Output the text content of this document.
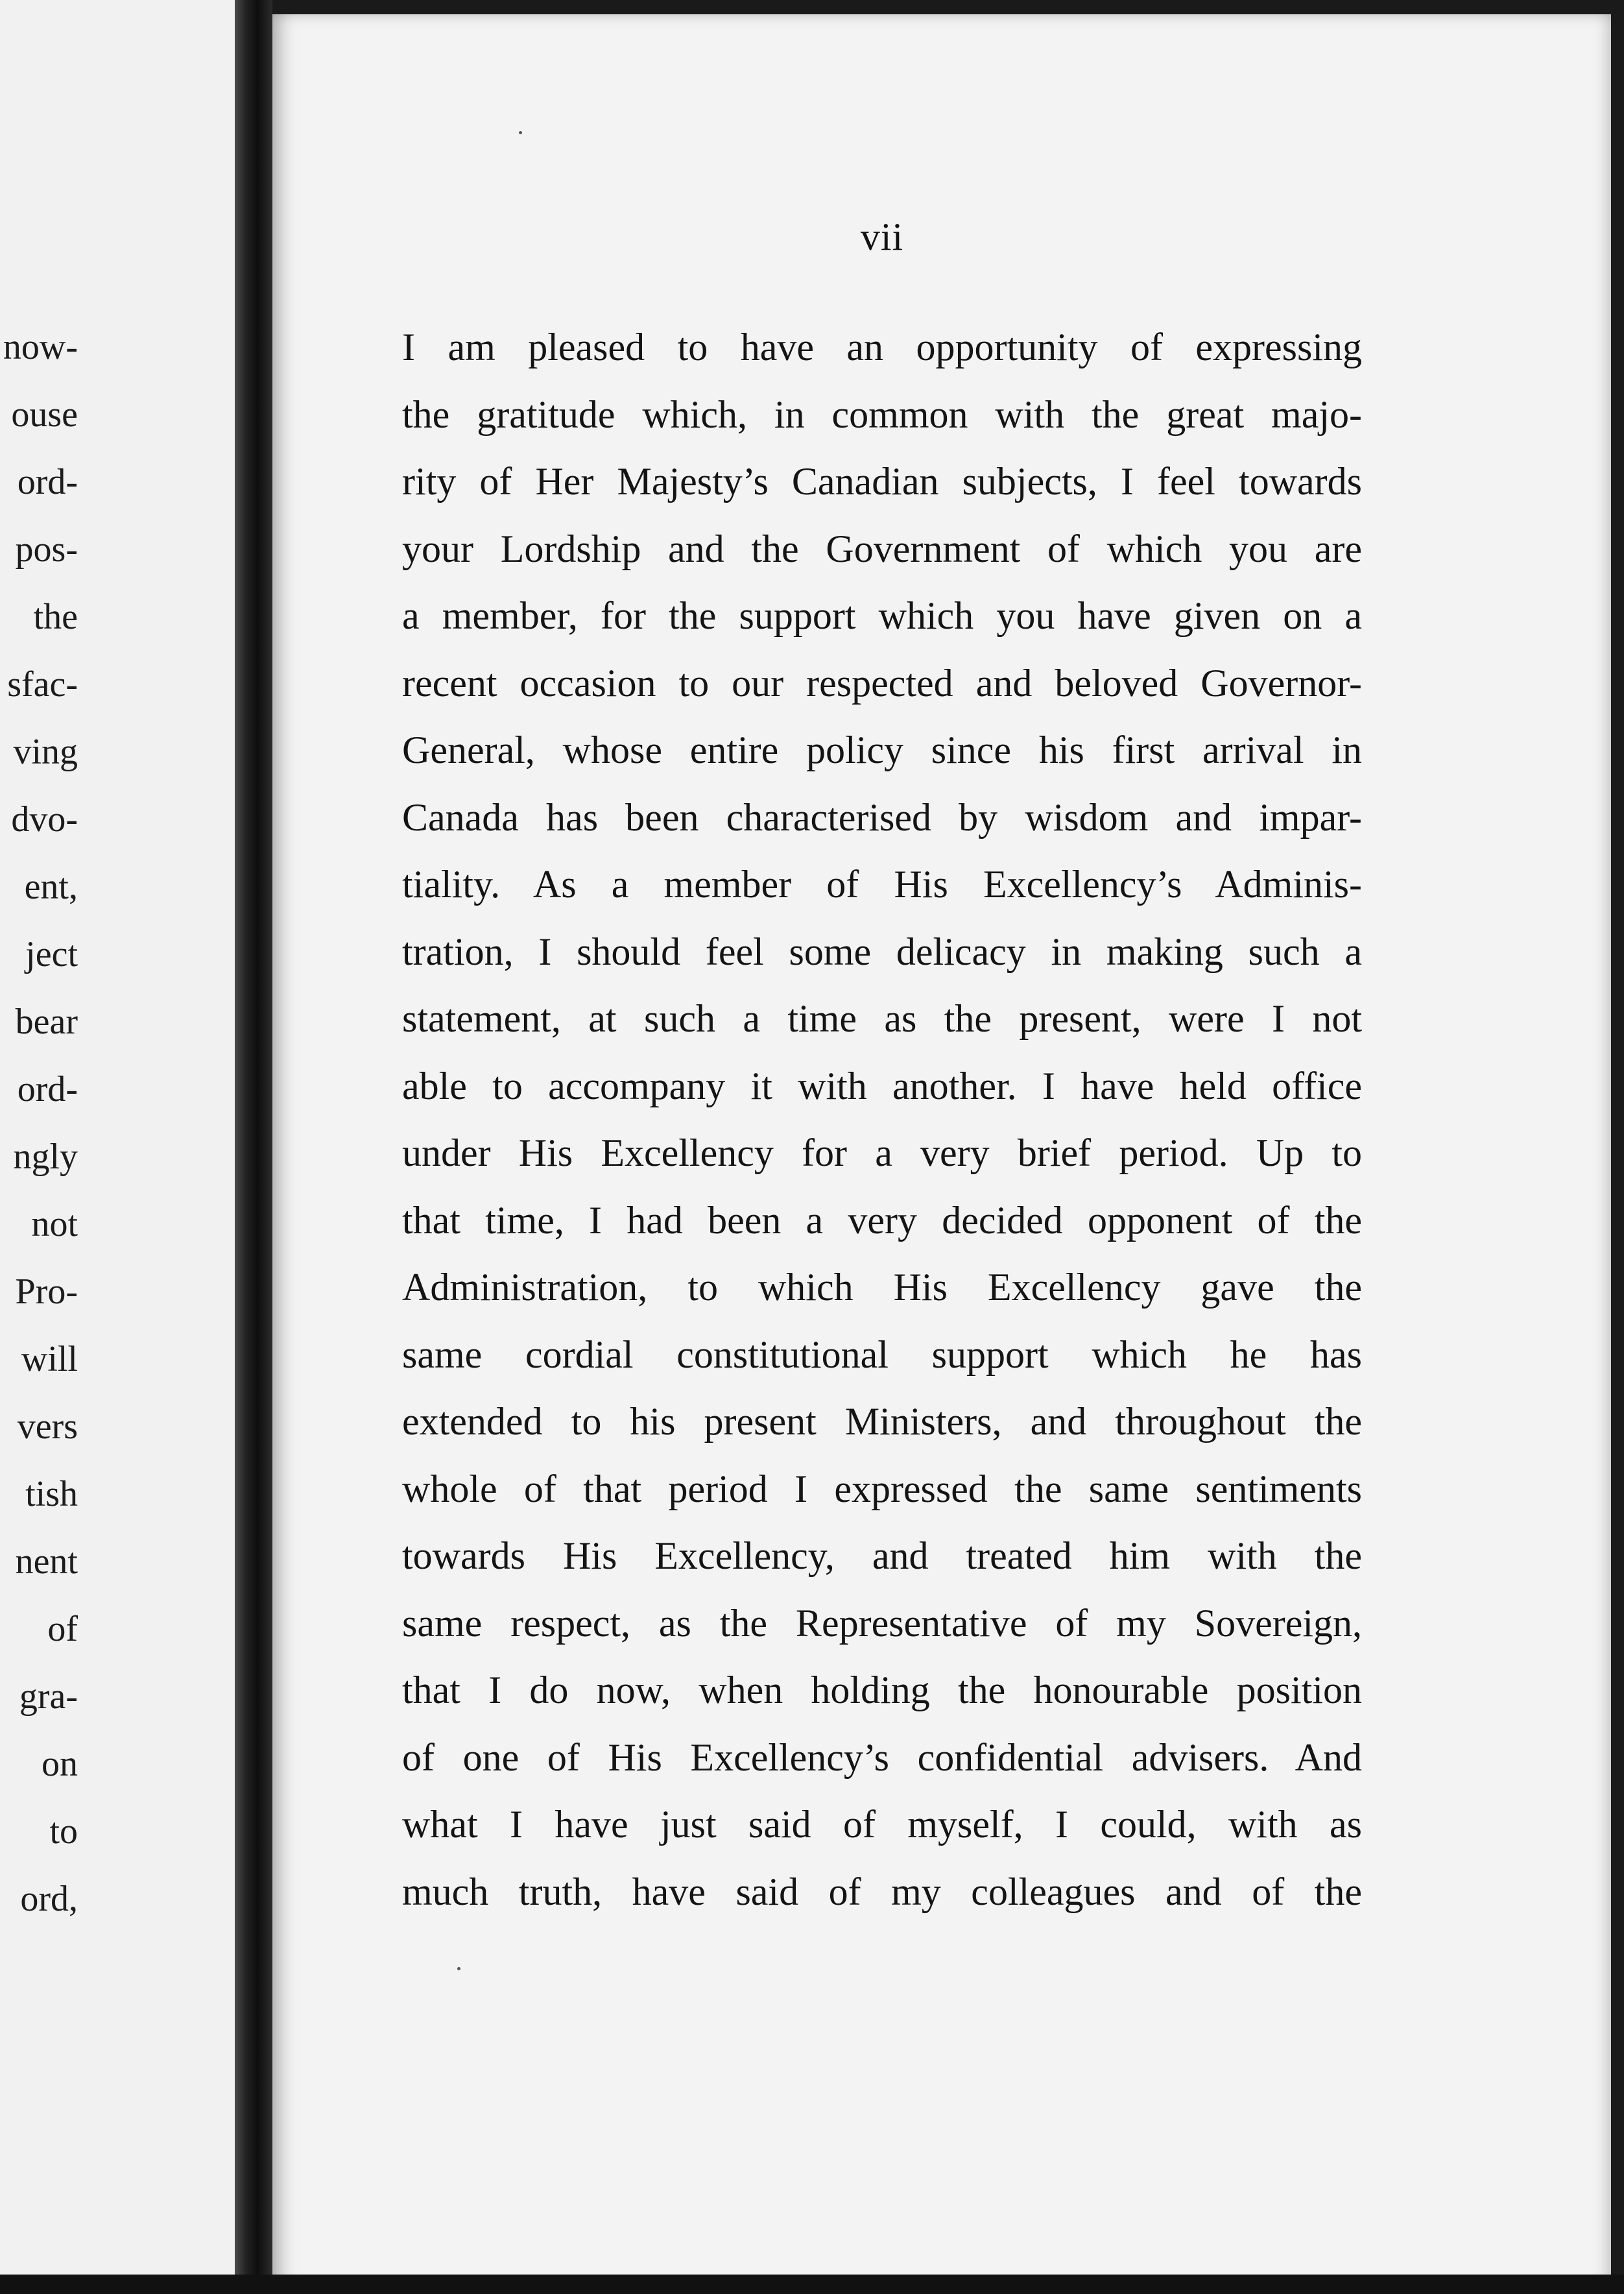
now-
ouse
ord-
pos-
the
sfac-
ving
dvo-
ent,
ject
bear
ord-
ngly
not
Pro-
will
vers
tish
nent
of
gra-
on
to
ord,
vii
I am pleased to have an opportunity of expressing
the gratitude which, in common with the great majo-
rity of Her Majesty’s Canadian subjects, I feel towards
your Lordship and the Government of which you are
a member, for the support which you have given on a
recent occasion to our respected and beloved Governor-
General, whose entire policy since his first arrival in
Canada has been characterised by wisdom and impar-
tiality. As a member of His Excellency’s Adminis-
tration, I should feel some delicacy in making such a
statement, at such a time as the present, were I not
able to accompany it with another. I have held office
under His Excellency for a very brief period. Up to
that time, I had been a very decided opponent of the
Administration, to which His Excellency gave the
same cordial constitutional support which he has
extended to his present Ministers, and throughout the
whole of that period I expressed the same sentiments
towards His Excellency, and treated him with the
same respect, as the Representative of my Sovereign,
that I do now, when holding the honourable position
of one of His Excellency’s confidential advisers. And
what I have just said of myself, I could, with as
much truth, have said of my colleagues and of the
